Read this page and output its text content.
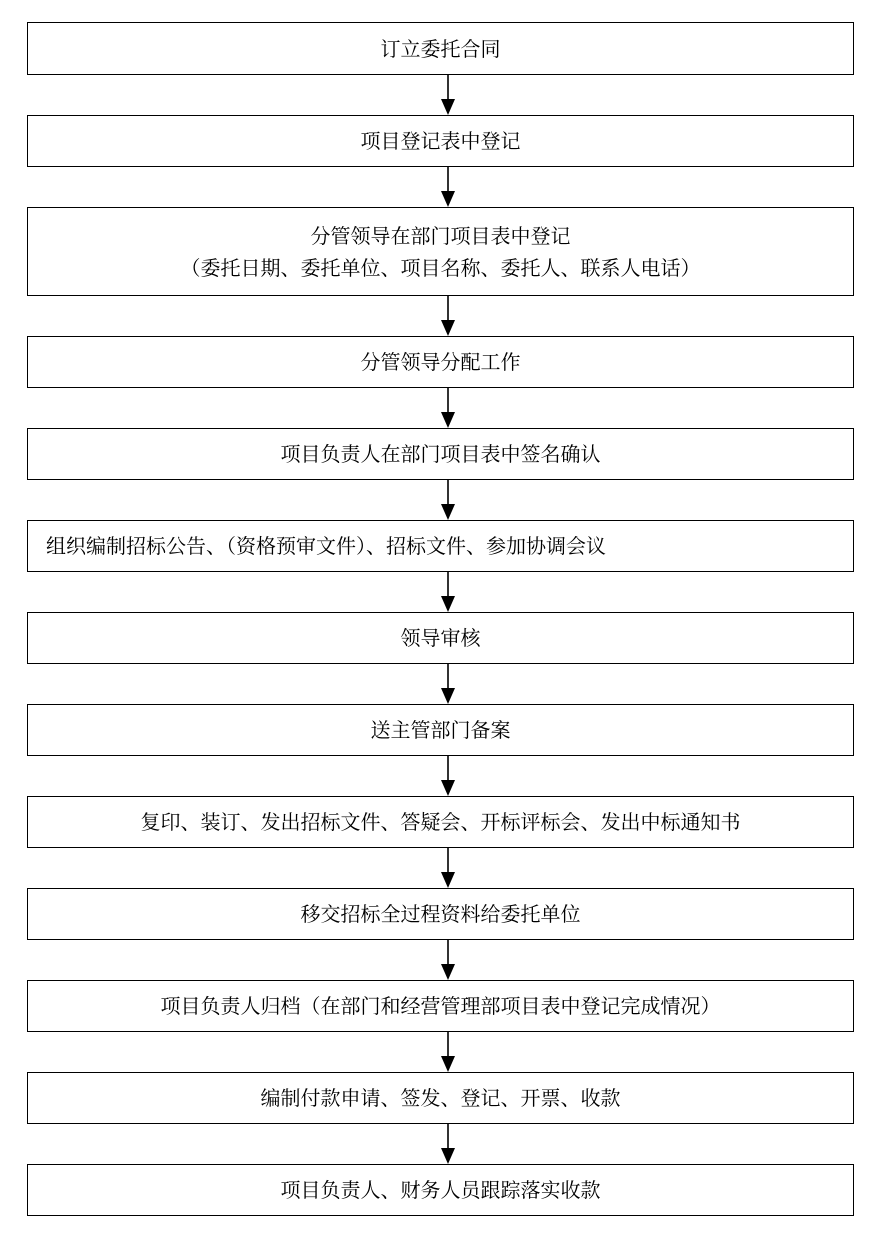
订立委托合同
项目登记表中登记
分管领导在部门项目表中登记
（委托日期、委托单位、项目名称、委托人、联系人电话）
分管领导分配工作
项目负责人在部门项目表中签名确认
组织编制招标公告、（资格预审文件）、招标文件、参加协调会议
领导审核
送主管部门备案
复印、装订、发出招标文件、答疑会、开标评标会、发出中标通知书
移交招标全过程资料给委托单位
项目负责人归档（在部门和经营管理部项目表中登记完成情况）
编制付款申请、签发、登记、开票、收款
项目负责人、财务人员跟踪落实收款
